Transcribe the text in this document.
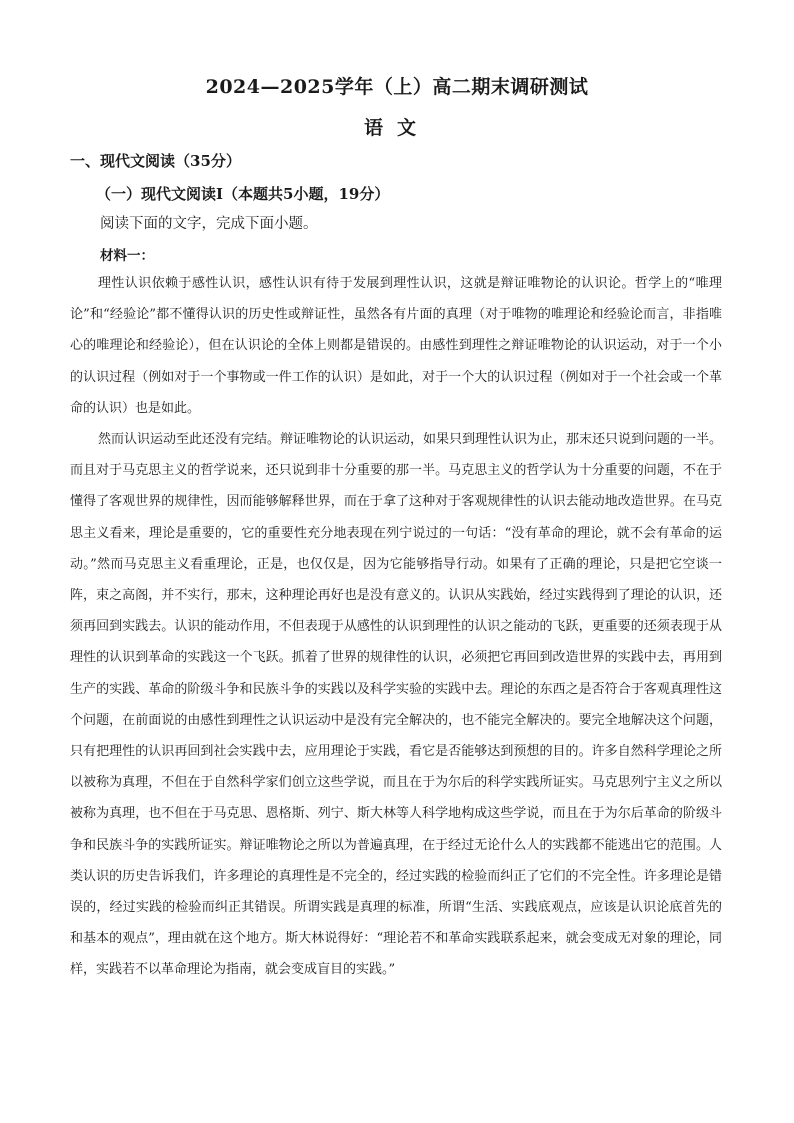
2024—2025学年（上）高二期末调研测试
语文
一、现代文阅读（35分）
（一）现代文阅读Ⅰ（本题共5小题，19分）
阅读下面的文字，完成下面小题。
材料一：
理性认识依赖于感性认识，感性认识有待于发展到理性认识，这就是辩证唯物论的认识论。哲学上的“唯理论”和“经验论”都不懂得认识的历史性或辩证性，虽然各有片面的真理（对于唯物的唯理论和经验论而言，非指唯心的唯理论和经验论），但在认识论的全体上则都是错误的。由感性到理性之辩证唯物论的认识运动，对于一个小的认识过程（例如对于一个事物或一件工作的认识）是如此，对于一个大的认识过程（例如对于一个社会或一个革命的认识）也是如此。
然而认识运动至此还没有完结。辩证唯物论的认识运动，如果只到理性认识为止，那末还只说到问题的一半。而且对于马克思主义的哲学说来，还只说到非十分重要的那一半。马克思主义的哲学认为十分重要的问题，不在于懂得了客观世界的规律性，因而能够解释世界，而在于拿了这种对于客观规律性的认识去能动地改造世界。在马克思主义看来，理论是重要的，它的重要性充分地表现在列宁说过的一句话：“没有革命的理论，就不会有革命的运动。”然而马克思主义看重理论，正是，也仅仅是，因为它能够指导行动。如果有了正确的理论，只是把它空谈一阵，束之高阁，并不实行，那末，这种理论再好也是没有意义的。认识从实践始，经过实践得到了理论的认识，还须再回到实践去。认识的能动作用，不但表现于从感性的认识到理性的认识之能动的飞跃，更重要的还须表现于从理性的认识到革命的实践这一个飞跃。抓着了世界的规律性的认识，必须把它再回到改造世界的实践中去，再用到生产的实践、革命的阶级斗争和民族斗争的实践以及科学实验的实践中去。理论的东西之是否符合于客观真理性这个问题，在前面说的由感性到理性之认识运动中是没有完全解决的，也不能完全解决的。要完全地解决这个问题，只有把理性的认识再回到社会实践中去，应用理论于实践，看它是否能够达到预想的目的。许多自然科学理论之所以被称为真理，不但在于自然科学家们创立这些学说，而且在于为尔后的科学实践所证实。马克思列宁主义之所以被称为真理，也不但在于马克思、恩格斯、列宁、斯大林等人科学地构成这些学说，而且在于为尔后革命的阶级斗争和民族斗争的实践所证实。辩证唯物论之所以为普遍真理，在于经过无论什么人的实践都不能逃出它的范围。人类认识的历史告诉我们，许多理论的真理性是不完全的，经过实践的检验而纠正了它们的不完全性。许多理论是错误的，经过实践的检验而纠正其错误。所谓实践是真理的标准，所谓“生活、实践底观点，应该是认识论底首先的和基本的观点”，理由就在这个地方。斯大林说得好：“理论若不和革命实践联系起来，就会变成无对象的理论，同样，实践若不以革命理论为指南，就会变成盲目的实践。”
